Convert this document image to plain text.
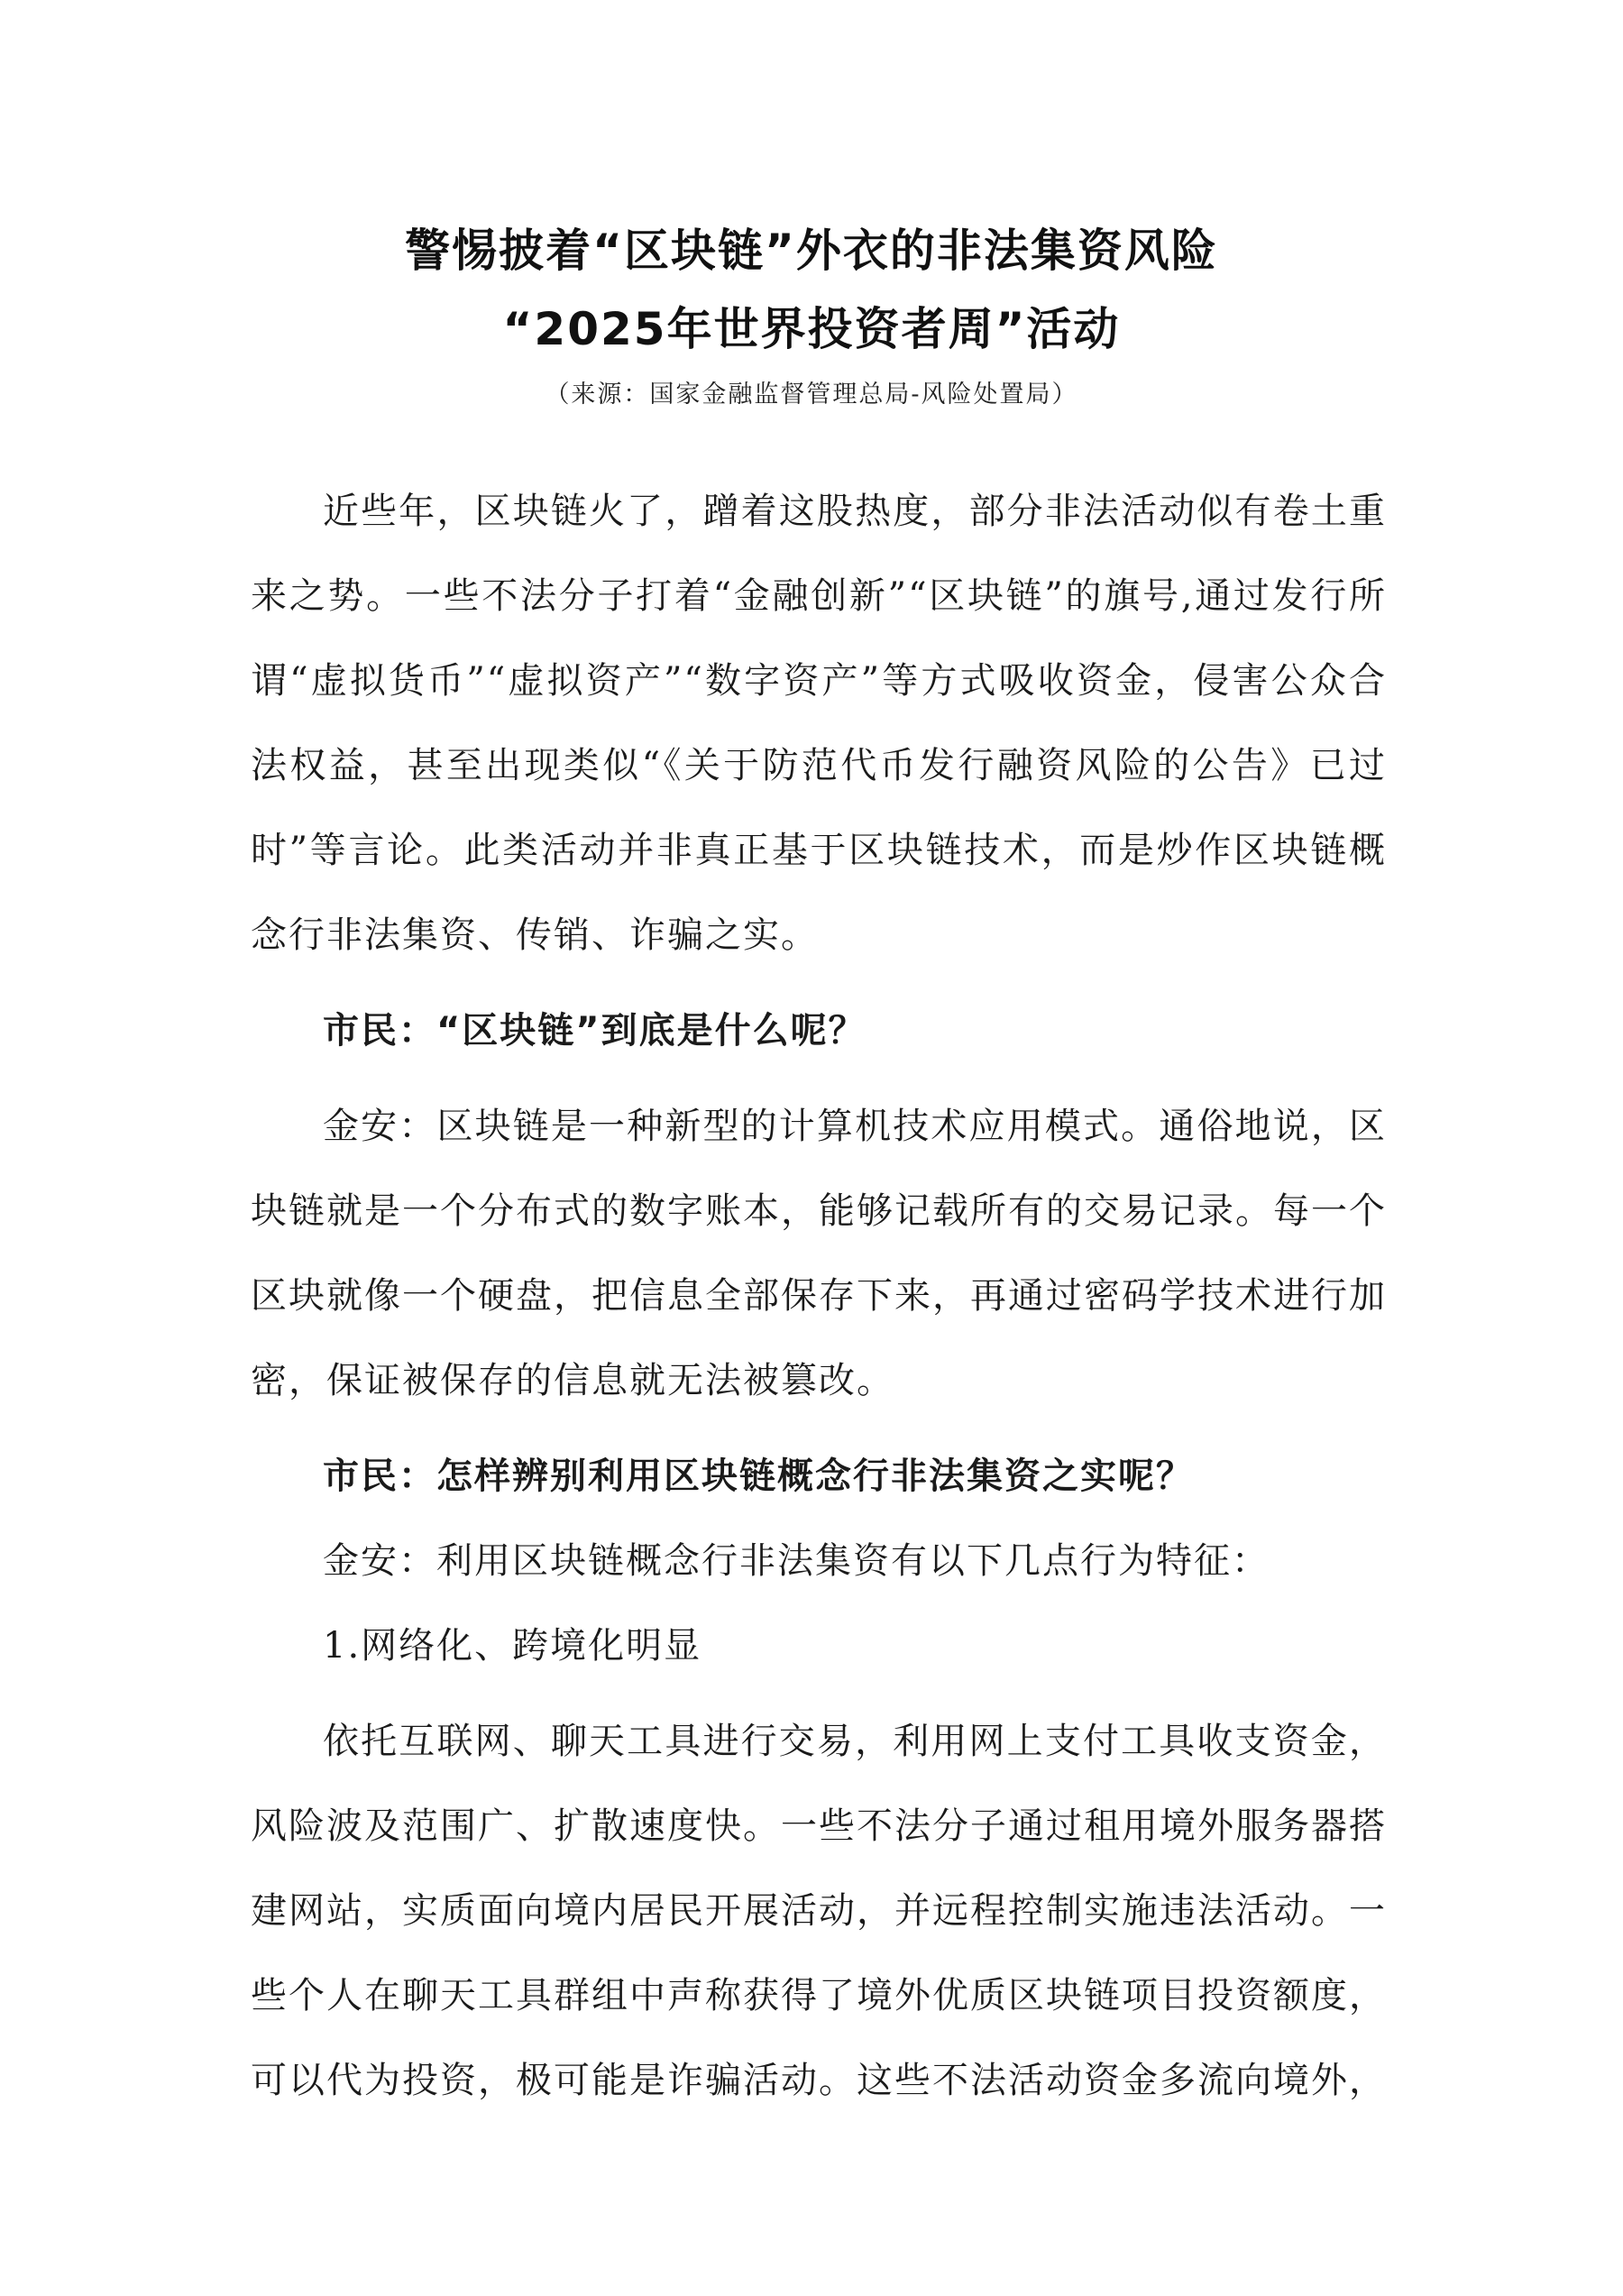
警惕披着“区块链”外衣的非法集资风险
“2025年世界投资者周”活动
（来源：国家金融监督管理总局-风险处置局）

近些年，区块链火了，蹭着这股热度，部分非法活动似有卷土重来之势。一些不法分子打着“金融创新”“区块链”的旗号,通过发行所谓“虚拟货币”“虚拟资产”“数字资产”等方式吸收资金，侵害公众合法权益，甚至出现类似“《关于防范代币发行融资风险的公告》已过时”等言论。此类活动并非真正基于区块链技术，而是炒作区块链概念行非法集资、传销、诈骗之实。

市民：“区块链”到底是什么呢？

金安：区块链是一种新型的计算机技术应用模式。通俗地说，区块链就是一个分布式的数字账本，能够记载所有的交易记录。每一个区块就像一个硬盘，把信息全部保存下来，再通过密码学技术进行加密，保证被保存的信息就无法被篡改。

市民：怎样辨别利用区块链概念行非法集资之实呢？

金安：利用区块链概念行非法集资有以下几点行为特征：

1.网络化、跨境化明显

依托互联网、聊天工具进行交易，利用网上支付工具收支资金，风险波及范围广、扩散速度快。一些不法分子通过租用境外服务器搭建网站，实质面向境内居民开展活动，并远程控制实施违法活动。一些个人在聊天工具群组中声称获得了境外优质区块链项目投资额度，可以代为投资，极可能是诈骗活动。这些不法活动资金多流向境外，
